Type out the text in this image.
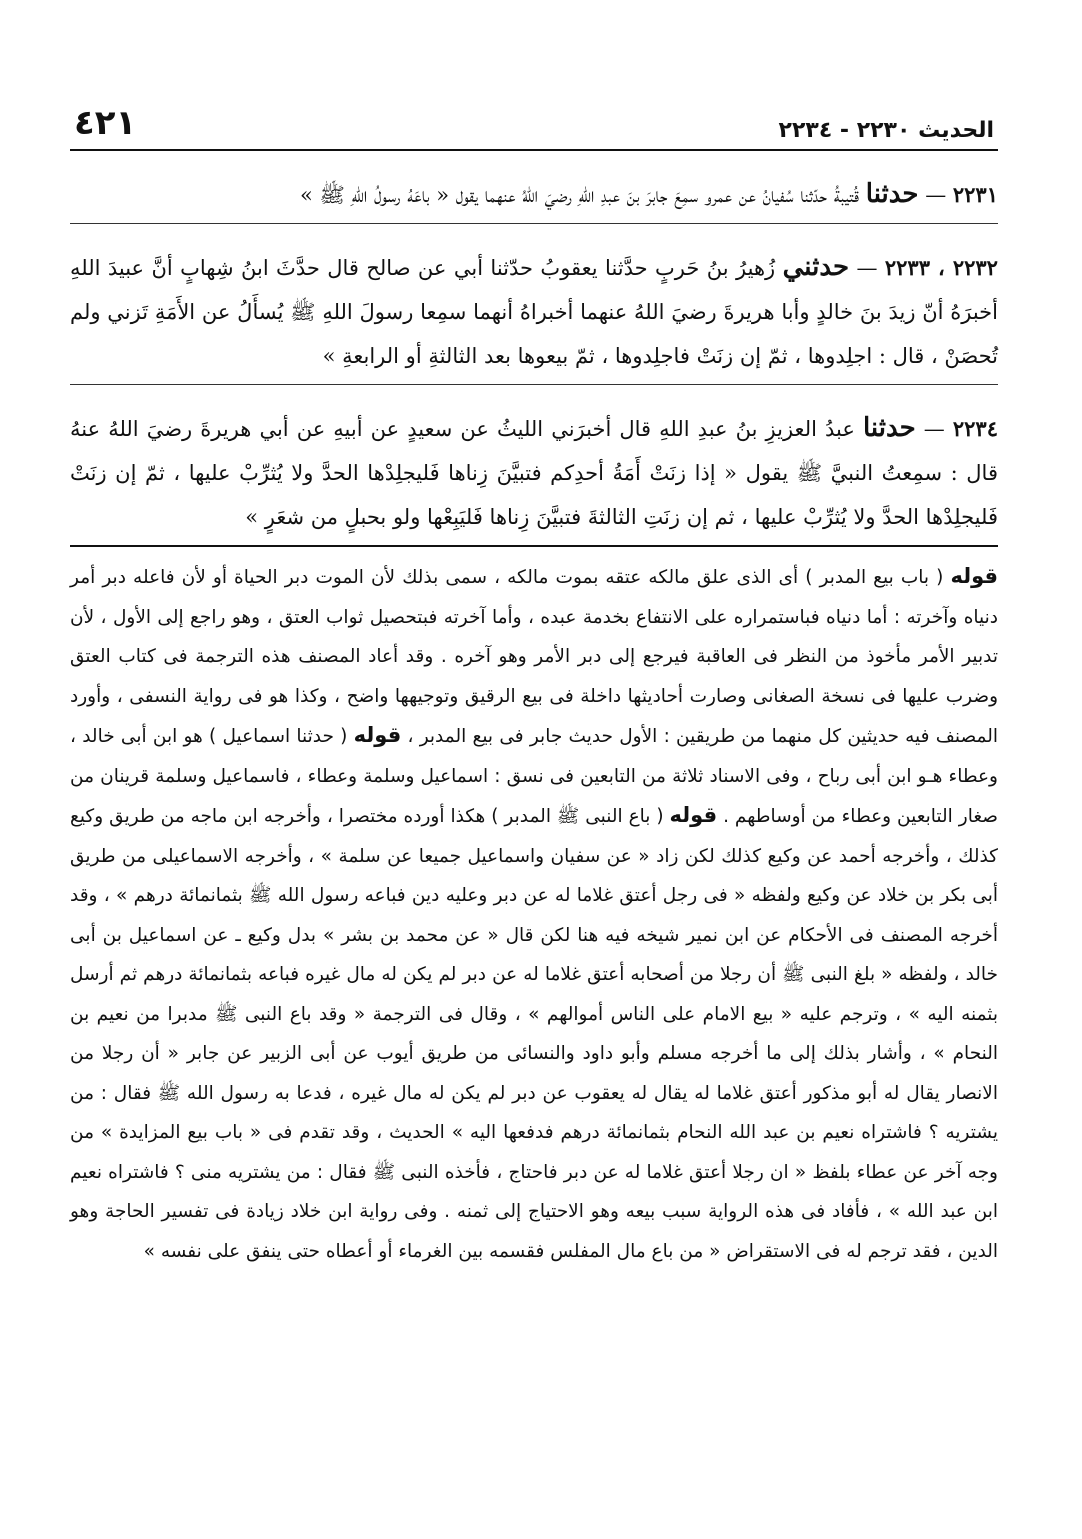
الحديث ٢٢٣٠ - ٢٢٣٤
٤٢١

٢٢٣١ — حدثنا قُتيبةُ حدّثنا سُفيانُ عن عمرو سمِعَ جابرَ بنَ عبدِ اللهِ رضيَ اللهُ عنهما يقول « باعَهُ رسولُ اللهِ ﷺ »

٢٢٣٢ ، ٢٢٣٣ — حدثني زُهيرُ بنُ حَربٍ حدَّثنا يعقوبُ حدّثنا أبي عن صالح قال حدَّثَ ابنُ شِهابٍ أنَّ عبيدَ اللهِ أخبرَهُ أنّ زيدَ بنَ خالدٍ وأبا هريرةَ رضيَ اللهُ عنهما أخبراهُ أنهما سمِعا رسولَ اللهِ ﷺ يُسأَلُ عن الأَمَةِ تَزني ولم تُحصَنْ ، قال : اجلِدوها ، ثمّ إن زنَتْ فاجلِدوها ، ثمّ بيعوها بعد الثالثةِ أو الرابعةِ »

٢٢٣٤ — حدثنا عبدُ العزيزِ بنُ عبدِ اللهِ قال أخبرَني الليثُ عن سعيدٍ عن أبيهِ عن أبي هريرةَ رضيَ اللهُ عنهُ قال : سمِعتُ النبيَّ ﷺ يقول « إذا زنَتْ أَمَةُ أحدِكم فتبيَّنَ زِناها فَليجلِدْها الحدَّ ولا يُثرِّبْ عليها ، ثمّ إن زنَتْ فَليجلِدْها الحدَّ ولا يُثرِّبْ عليها ، ثم إن زنَتِ الثالثةَ فتبيَّنَ زِناها فَليَبِعْها ولو بحبلٍ من شعَرٍ »

قوله ( باب بيع المدبر ) أى الذى علق مالكه عتقه بموت مالكه ، سمى بذلك لأن الموت دبر الحياة أو لأن فاعله دبر أمر دنياه وآخرته : أما دنياه فباستمراره على الانتفاع بخدمة عبده ، وأما آخرته فبتحصيل ثواب العتق ، وهو راجع إلى الأول ، لأن تدبير الأمر مأخوذ من النظر فى العاقبة فيرجع إلى دبر الأمر وهو آخره . وقد أعاد المصنف هذه الترجمة فى كتاب العتق وضرب عليها فى نسخة الصغانى وصارت أحاديثها داخلة فى بيع الرقيق وتوجيهها واضح ، وكذا هو فى رواية النسفى ، وأورد المصنف فيه حديثين كل منهما من طريقين : الأول حديث جابر فى بيع المدبر ، قوله ( حدثنا اسماعيل ) هو ابن أبى خالد ، وعطاء هـو ابن أبى رباح ، وفى الاسناد ثلاثة من التابعين فى نسق : اسماعيل وسلمة وعطاء ، فاسماعيل وسلمة قرينان من صغار التابعين وعطاء من أوساطهم . قوله ( باع النبى ﷺ المدبر ) هكذا أورده مختصرا ، وأخرجه ابن ماجه من طريق وكيع كذلك ، وأخرجه أحمد عن وكيع كذلك لكن زاد « عن سفيان واسماعيل جميعا عن سلمة » ، وأخرجه الاسماعيلى من طريق أبى بكر بن خلاد عن وكيع ولفظه « فى رجل أعتق غلاما له عن دبر وعليه دين فباعه رسول الله ﷺ بثمانمائة درهم » ، وقد أخرجه المصنف فى الأحكام عن ابن نمير شيخه فيه هنا لكن قال « عن محمد بن بشر » بدل وكيع ـ عن اسماعيل بن أبى خالد ، ولفظه « بلغ النبى ﷺ أن رجلا من أصحابه أعتق غلاما له عن دبر لم يكن له مال غيره فباعه بثمانمائة درهم ثم أرسل بثمنه اليه » ، وترجم عليه « بيع الامام على الناس أموالهم » ، وقال فى الترجمة « وقد باع النبى ﷺ مدبرا من نعيم بن النحام » ، وأشار بذلك إلى ما أخرجه مسلم وأبو داود والنسائى من طريق أيوب عن أبى الزبير عن جابر « أن رجلا من الانصار يقال له أبو مذكور أعتق غلاما له يقال له يعقوب عن دبر لم يكن له مال غيره ، فدعا به رسول الله ﷺ فقال : من يشتريه ؟ فاشتراه نعيم بن عبد الله النحام بثمانمائة درهم فدفعها اليه » الحديث ، وقد تقدم فى « باب بيع المزايدة » من وجه آخر عن عطاء بلفظ « ان رجلا أعتق غلاما له عن دبر فاحتاج ، فأخذه النبى ﷺ فقال : من يشتريه منى ؟ فاشتراه نعيم ابن عبد الله » ، فأفاد فى هذه الرواية سبب بيعه وهو الاحتياج إلى ثمنه . وفى رواية ابن خلاد زيادة فى تفسير الحاجة وهو الدين ، فقد ترجم له فى الاستقراض « من باع مال المفلس فقسمه بين الغرماء أو أعطاه حتى ينفق على نفسه »
